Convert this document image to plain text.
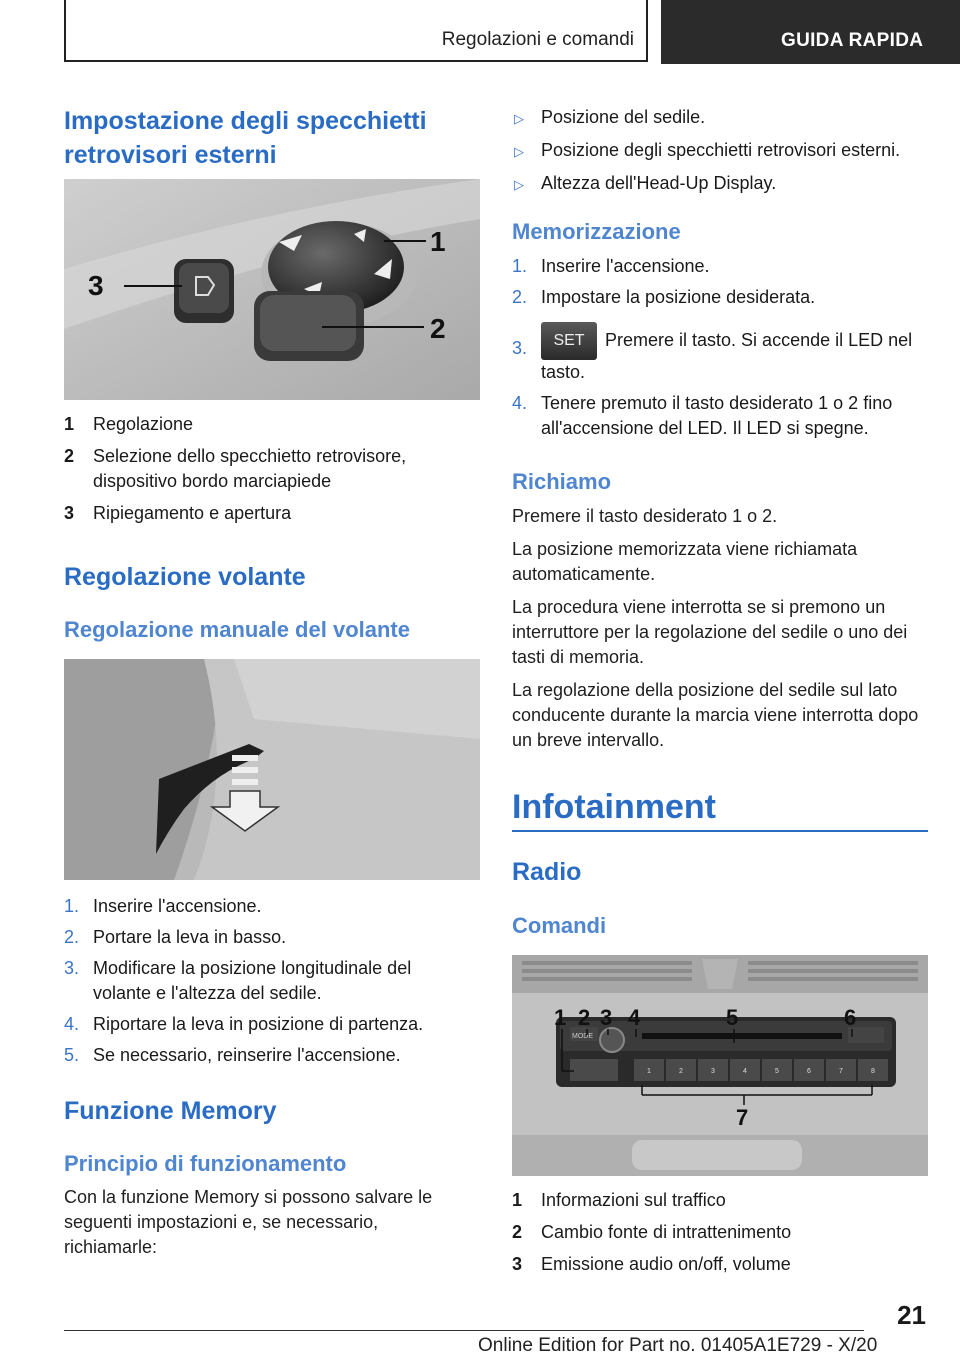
Regolazioni e comandi	GUIDA RAPIDA
Impostazione degli specchietti retrovisori esterni
3
1
2
1 Regolazione
2 Selezione dello specchietto retrovisore, dispositivo bordo marciapiede
3 Ripiegamento e apertura
Regolazione volante
Regolazione manuale del volante
1. Inserire l'accensione.
2. Portare la leva in basso.
3. Modificare la posizione longitudinale del volante e l'altezza del sedile.
4. Riportare la leva in posizione di partenza.
5. Se necessario, reinserire l'accensione.
Funzione Memory
Principio di funzionamento
Con la funzione Memory si possono salvare le seguenti impostazioni e, se necessario, richiamarle:
▷ Posizione del sedile.
▷ Posizione degli specchietti retrovisori esterni.
▷ Altezza dell'Head-Up Display.
Memorizzazione
1. Inserire l'accensione.
2. Impostare la posizione desiderata.
3. SET Premere il tasto. Si accende il LED nel tasto.
4. Tenere premuto il tasto desiderato 1 o 2 fino all'accensione del LED. Il LED si spegne.
Richiamo

Premere il tasto desiderato 1 o 2.

La posizione memorizzata viene richiamata automaticamente.

La procedura viene interrotta se si premono un interruttore per la regolazione del sedile o uno dei tasti di memoria.

La regolazione della posizione del sedile sul lato conducente durante la marcia viene interrotta dopo un breve intervallo.

Infotainment
Radio
Comandi
MODE
1	2	3	4	5	6	7	8
1 2 3 4	5	6
7
1 Informazioni sul traffico
2 Cambio fonte di intrattenimento
3 Emissione audio on/off, volume
21
Online Edition for Part no. 01405A1E729 - X/20
